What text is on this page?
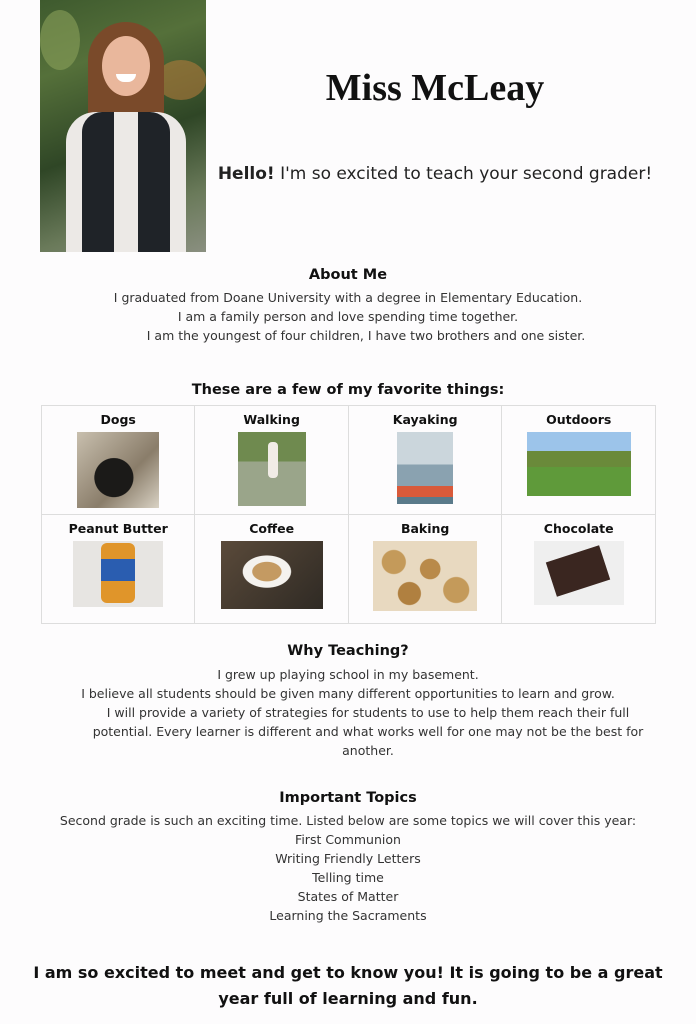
Miss McLeay
Hello! I'm so excited to teach your second grader!
About Me
I graduated from Doane University with a degree in Elementary Education.
I am a family person and love spending time together.
I am the youngest of four children, I have two brothers and one sister.
These are a few of my favorite things:
Dogs	Walking	Kayaking	Outdoors

Peanut Butter	Coffee	Baking	Chocolate
Why Teaching?
I grew up playing school in my basement.
I believe all students should be given many different opportunities to learn and grow.
I will provide a variety of strategies for students to use to help them reach their full
potential. Every learner is different and what works well for one may not be the best for
another.
Important Topics
Second grade is such an exciting time. Listed below are some topics we will cover this year:
First Communion
Writing Friendly Letters
Telling time
States of Matter
Learning the Sacraments

I am so excited to meet and get to know you! It is going to be a great
year full of learning and fun.
